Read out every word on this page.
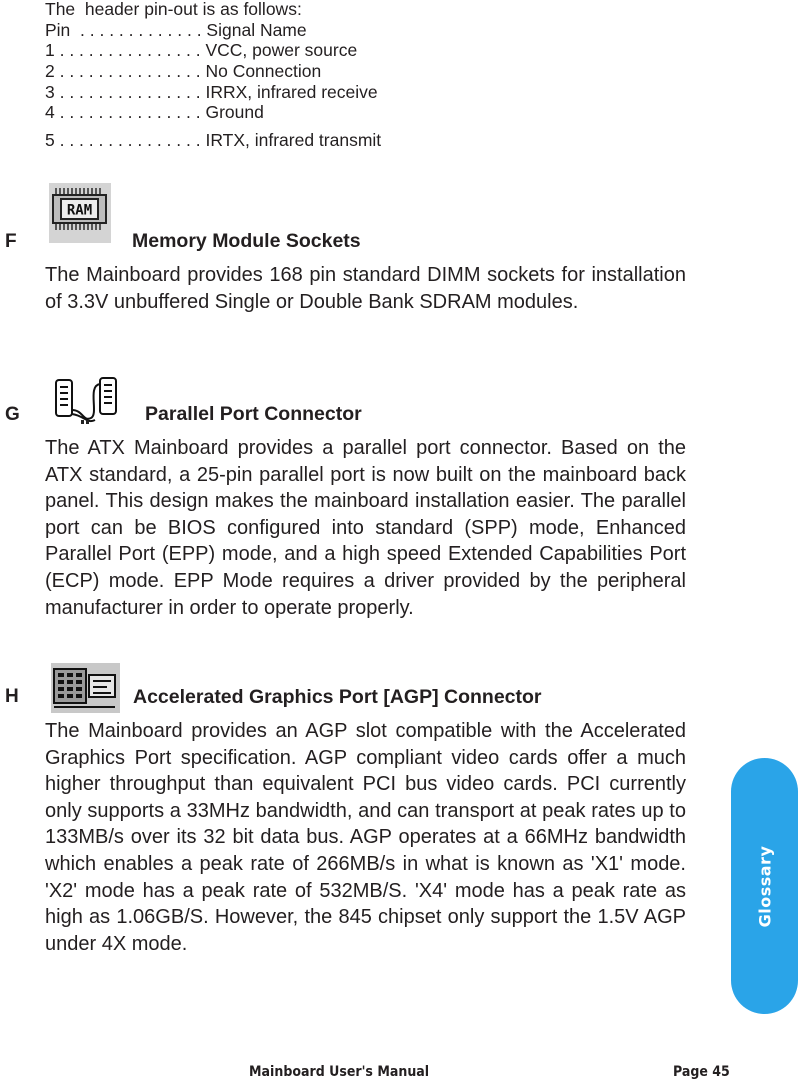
The  header pin-out is as follows:
Pin  . . . . . . . . . . . . . Signal Name
1 . . . . . . . . . . . . . . . VCC, power source
2 . . . . . . . . . . . . . . . No Connection
3 . . . . . . . . . . . . . . . IRRX, infrared receive
4 . . . . . . . . . . . . . . . Ground
5 . . . . . . . . . . . . . . . IRTX, infrared transmit
F
RAM
Memory Module Sockets

The Mainboard provides 168 pin standard DIMM sockets for installation of 3.3V unbuffered Single or Double Bank SDRAM modules.

G	Parallel Port Connector

The ATX Mainboard provides a parallel port connector. Based on the ATX standard, a 25-pin parallel port is now built on the mainboard back panel. This design makes the mainboard installation easier. The parallel port can be BIOS configured into standard (SPP) mode, Enhanced Parallel Port (EPP) mode, and a high speed Extended Capabilities Port (ECP) mode. EPP Mode requires a driver provided by the peripheral manufacturer in order to operate properly.

H	Accelerated Graphics Port [AGP] Connector

The Mainboard provides an AGP slot compatible with the Accelerated Graphics Port specification. AGP compliant video cards offer a much higher throughput than equivalent PCI bus video cards. PCI currently only supports a 33MHz bandwidth, and can transport at peak rates up to 133MB/s over its 32 bit data bus. AGP operates at a 66MHz bandwidth which enables a peak rate of 266MB/s in what is known as 'X1' mode. 'X2' mode has a peak rate of 532MB/S. 'X4' mode has a peak rate as high as 1.06GB/S. However, the 845 chipset only support the 1.5V AGP under 4X mode.

Glossary
Mainboard User's Manual	Page 45
